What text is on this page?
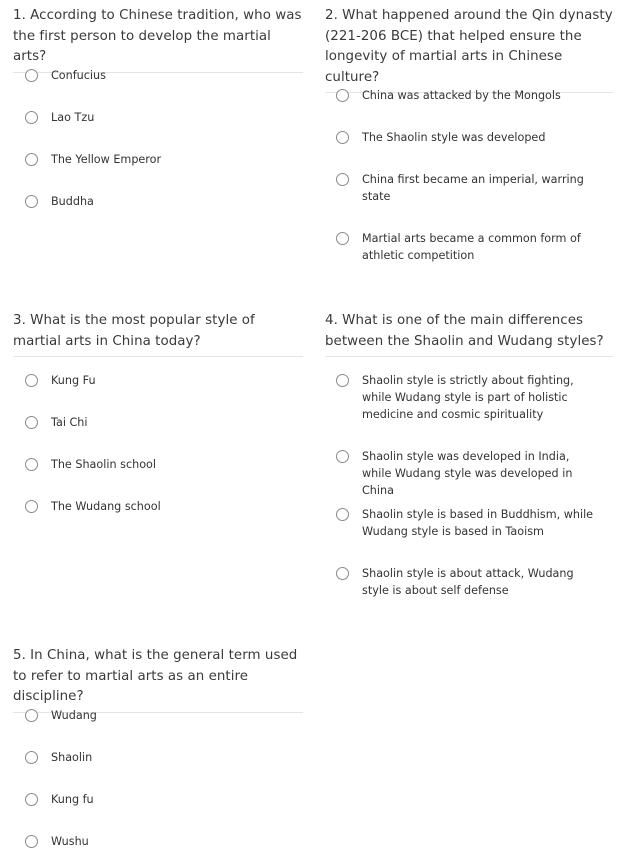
1. According to Chinese tradition, who was the first person to develop the martial arts?

Confucius
Lao Tzu
The Yellow Emperor
Buddha

2. What happened around the Qin dynasty (221-206 BCE) that helped ensure the longevity of martial arts in Chinese culture?

China was attacked by the Mongols
The Shaolin style was developed
China first became an imperial, warring state
Martial arts became a common form of athletic competition

3. What is the most popular style of martial arts in China today?

Kung Fu
Tai Chi
The Shaolin school
The Wudang school

4. What is one of the main differences between the Shaolin and Wudang styles?

Shaolin style is strictly about fighting, while Wudang style is part of holistic medicine and cosmic spirituality
Shaolin style was developed in India, while Wudang style was developed in China
Shaolin style is based in Buddhism, while Wudang style is based in Taoism
Shaolin style is about attack, Wudang style is about self defense

5. In China, what is the general term used to refer to martial arts as an entire discipline?

Wudang
Shaolin
Kung fu
Wushu
